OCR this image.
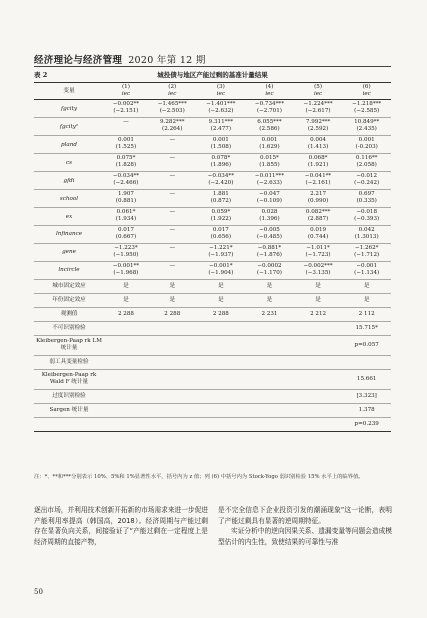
经济理论与经济管理 2020 年第 12 期
表 2	城投债与地区产能过剩的基准计量结果
变量	(1)	(2)	(3)	(4)	(5)	(6)
	iec	iec	iec	iec	iec	iec
fgcity	−0.002**	−1.465***	−1.401***	−0.734***	−1.224***	−1.218***
	(−2.151)	(−2.503)	(−2.632)	(−2.701)	(−2.617)	(−2.585)
fgcity²	—	9.282***	9.311***	6.055***	7.992***	10.849**
		(2.264)	(2.477)	(2.586)	(2.592)	(2.435)
pland	0.001	—	0.001	0.001	0.004	0.001
	(1.525)		(1.508)	(1.629)	(1.413)	(-0.203)
cs	0.075*	—	0.078*	0.015*	0.068*	0.116**
	(1.828)		(1.896)	(1.855)	(1.921)	(2.058)
gfdi	−0.034**	—	−0.034**	−0.011***	−0.041**	−0.012
	(−2.466)		(−2.420)	(−2.633)	(−2.161)	(−0.242)
school	1.907	—	1.881	−0.047	2.217	0.697
	(0.881)		(0.872)	(−0.109)	(0.990)	(0.335)
ex	0.061*	—	0.059*	0.028	0.082***	−0.018
	(1.934)		(1.922)	(1.396)	(2.887)	(−0.393)
lnfinance	0.017	—	0.017	−0.005	0.019	0.042
	(0.667)		(0.656)	(−0.485)	(0.744)	(1.3013)
gene	−1.223*	—	−1.221*	−0.881*	−1.011*	−1.262*
	(−1.950)		(−1.937)	(−1.876)	(−1.723)	(−1.712)
lncircle	−0.001**	—	−0.001*	−0.0002	−0.002***	−0.001
	(−1.968)		(−1.904)	(−1.170)	(−3.135)	(−1.134)
城市固定效应	是	是	是	是	是	是
年份固定效应	是	是	是	是	是	是
观测值	2 288	2 288	2 288	2 231	2 212	2 112
不可识别检验						15.715*
Kleibergen-Paap rk LM 统计量						p=0.057
弱工具变量检验						
Kleibergen-Paap rk Wald F 统计量						15.661
过度识别检验						[3.323]
Sargen 统计量						1.378
						p=0.239
注：*、**和***分别表示 10%、5%和 1%显著性水平，括号内为 z 值；列 (6) 中括号内为 Stock-Yogo 弱识别检验 15% 水平上的临界值。

逐出市场，并利用技术创新开拓新的市场需求来进一步促进产能利用率提高（韩国高，2018）。经济周期与产能过剩存在显著负向关系，间接验证了“产能过剩在一定程度上是经济周期的直接产物，

是不完全信息下企业投资引发的潮涌现象”这一论断，表明了产能过剩具有显著的逆周期特征。
实证分析中的逆向因果关系、遗漏变量等问题会造成模型估计的内生性，致使结果的可靠性与准

50
